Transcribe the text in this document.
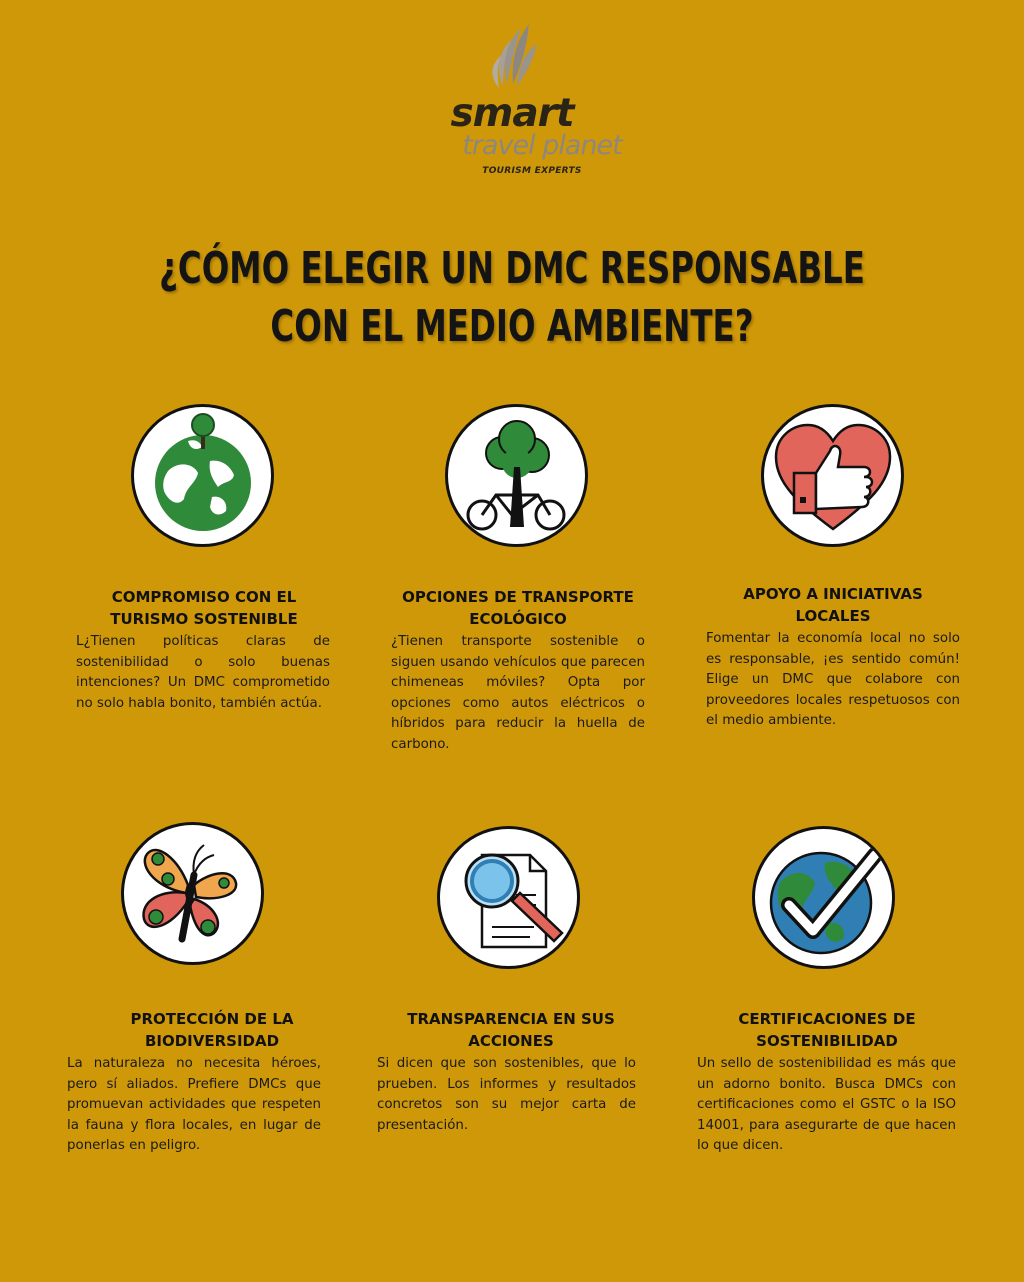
smart
travel planet
TOURISM EXPERTS
¿CÓMO ELEGIR UN DMC RESPONSABLE
CON EL MEDIO AMBIENTE?
COMPROMISO CON EL TURISMO SOSTENIBLE
L¿Tienen políticas claras de sostenibilidad o solo buenas intenciones? Un DMC comprometido no solo habla bonito, también actúa.
OPCIONES DE TRANSPORTE ECOLÓGICO
¿Tienen transporte sostenible o siguen usando vehículos que parecen chimeneas móviles? Opta por opciones como autos eléctricos o híbridos para reducir la huella de carbono.
APOYO A INICIATIVAS LOCALES
Fomentar la economía local no solo es responsable, ¡es sentido común! Elige un DMC que colabore con proveedores locales respetuosos con el medio ambiente.
PROTECCIÓN DE LA BIODIVERSIDAD
La naturaleza no necesita héroes, pero sí aliados. Prefiere DMCs que promuevan actividades que respeten la fauna y flora locales, en lugar de ponerlas en peligro.
TRANSPARENCIA EN SUS ACCIONES
Si dicen que son sostenibles, que lo prueben. Los informes y resultados concretos son su mejor carta de presentación.
CERTIFICACIONES DE SOSTENIBILIDAD
Un sello de sostenibilidad es más que un adorno bonito. Busca DMCs con certificaciones como el GSTC o la ISO 14001, para asegurarte de que hacen lo que dicen.
